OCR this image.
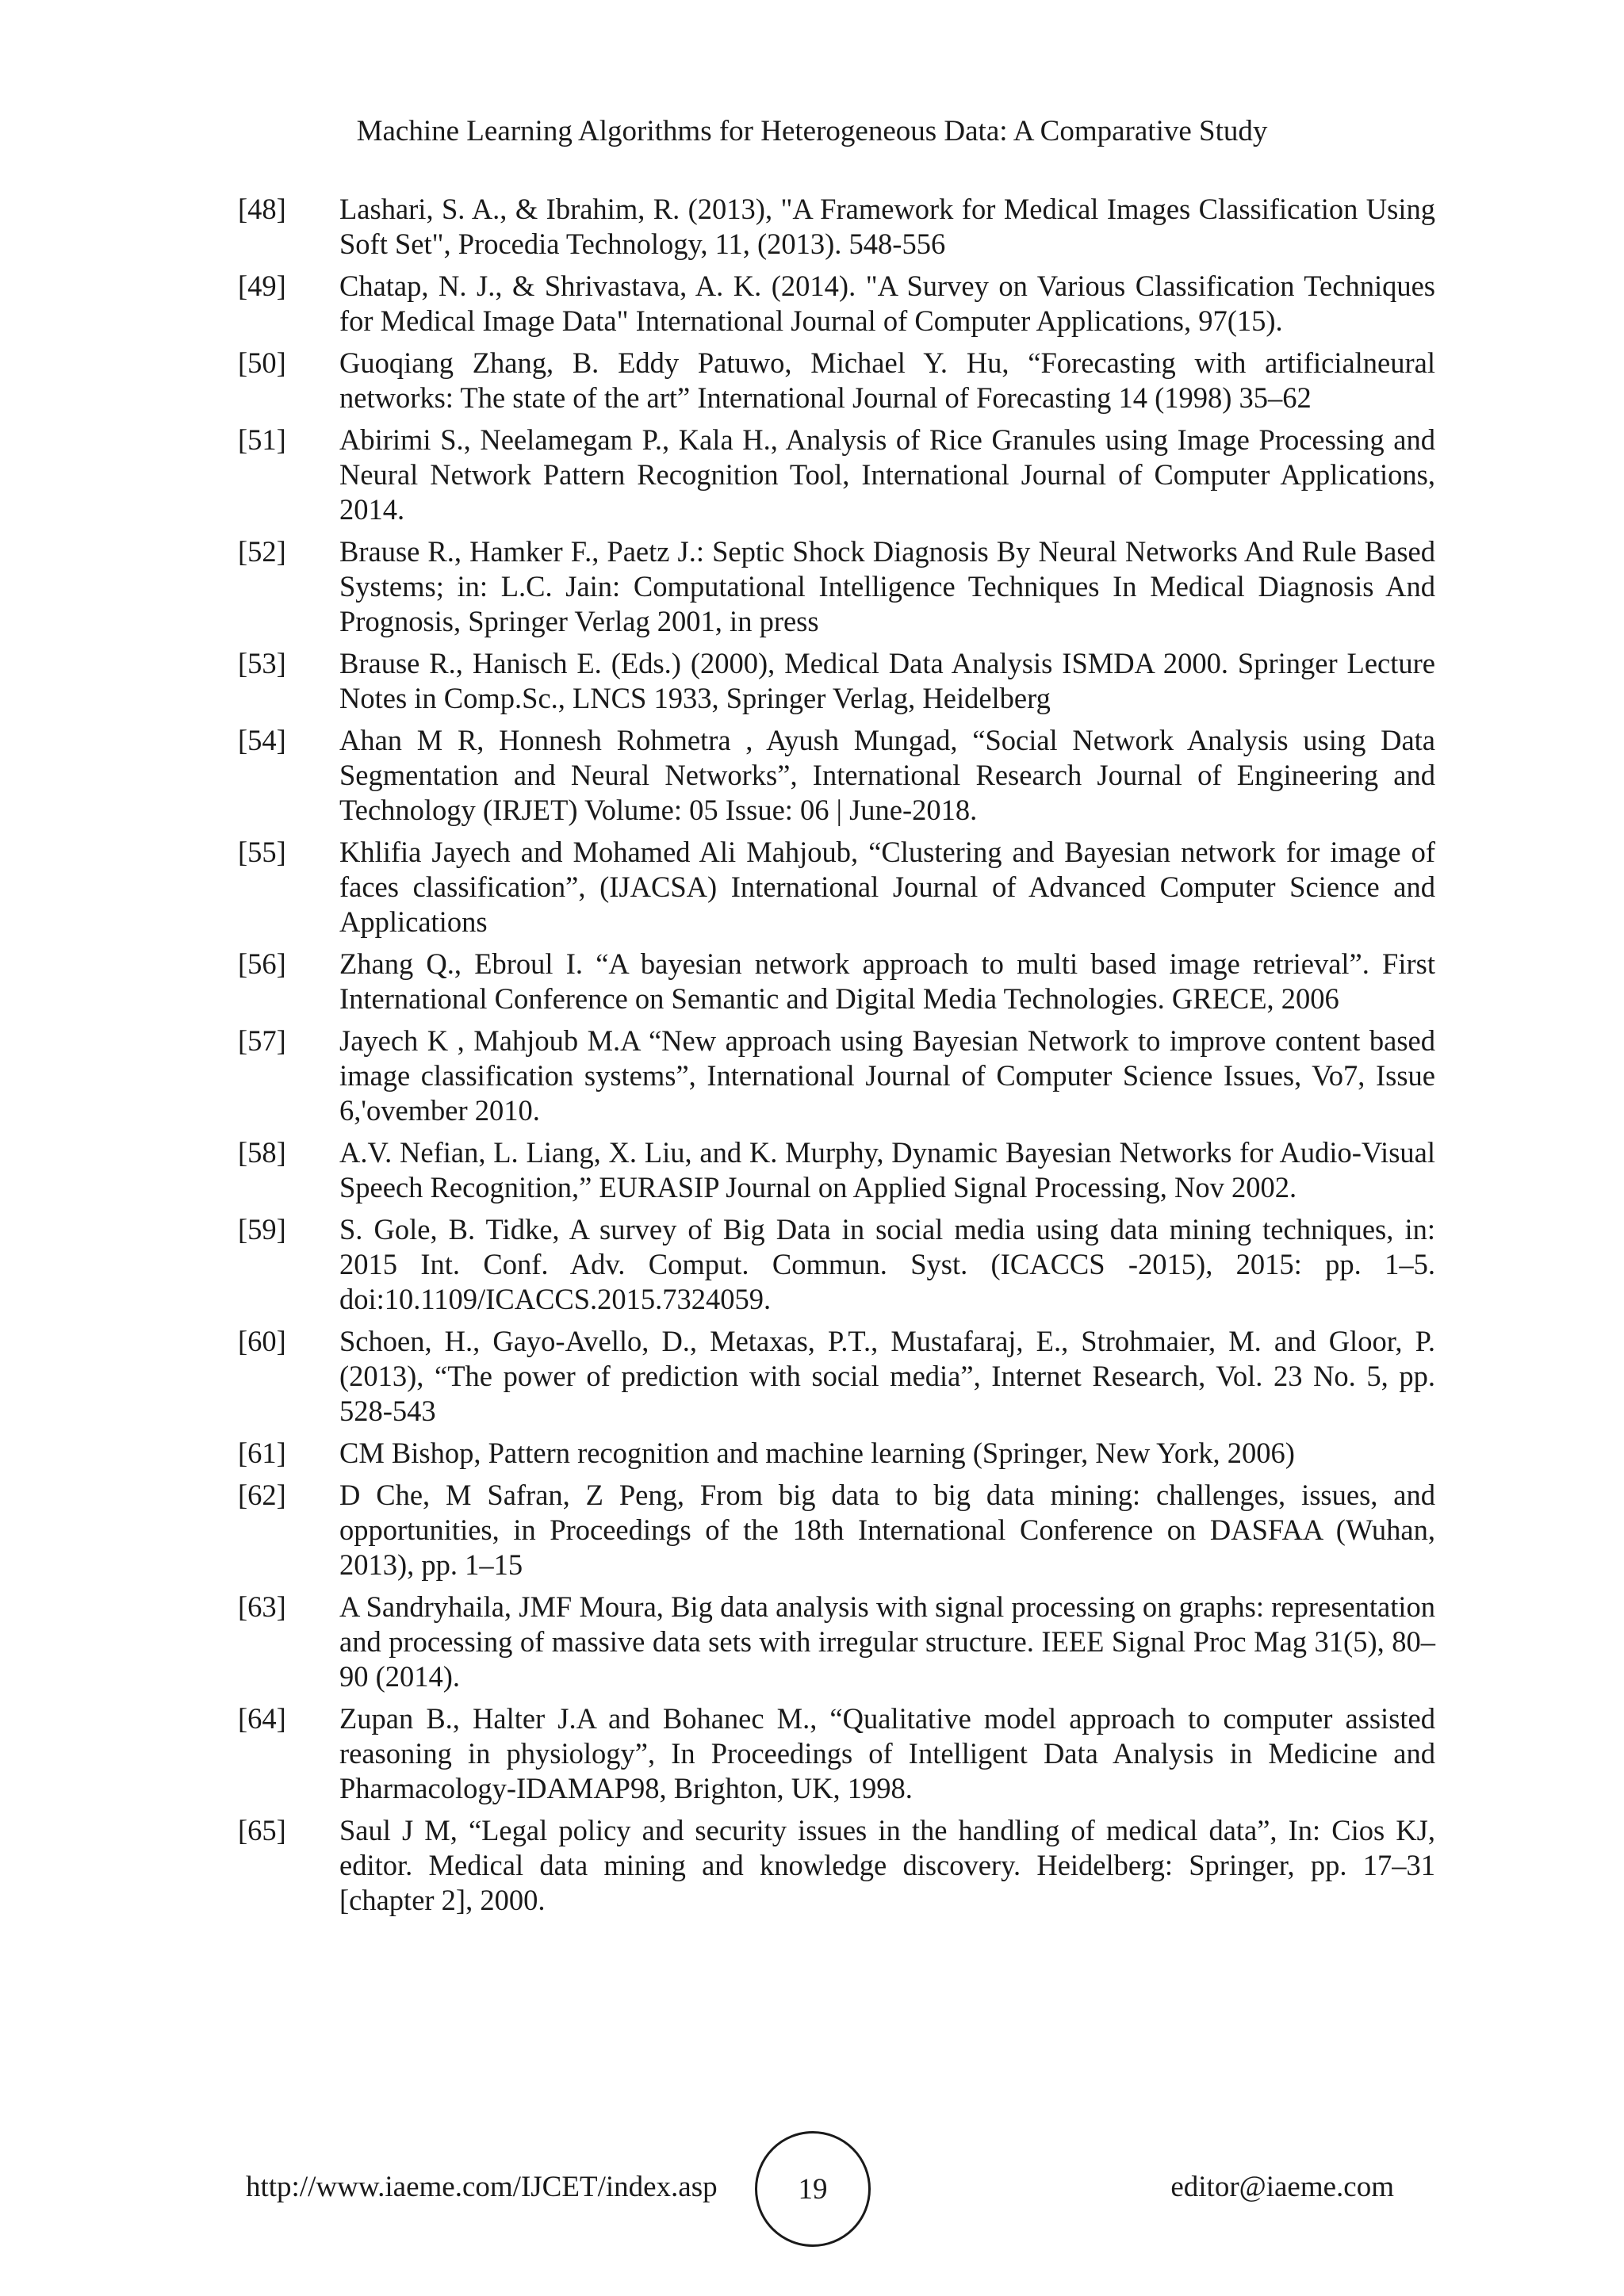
Machine Learning Algorithms for Heterogeneous Data: A Comparative Study
[48] Lashari, S. A., & Ibrahim, R. (2013), "A Framework for Medical Images Classification Using Soft Set", Procedia Technology, 11, (2013). 548-556
[49] Chatap, N. J., & Shrivastava, A. K. (2014). "A Survey on Various Classification Techniques for Medical Image Data" International Journal of Computer Applications, 97(15).
[50] Guoqiang Zhang, B. Eddy Patuwo, Michael Y. Hu, “Forecasting with artificialneural networks: The state of the art” International Journal of Forecasting 14 (1998) 35–62
[51] Abirimi S., Neelamegam P., Kala H., Analysis of Rice Granules using Image Processing and Neural Network Pattern Recognition Tool, International Journal of Computer Applications, 2014.
[52] Brause R., Hamker F., Paetz J.: Septic Shock Diagnosis By Neural Networks And Rule Based Systems; in: L.C. Jain: Computational Intelligence Techniques In Medical Diagnosis And Prognosis, Springer Verlag 2001, in press
[53] Brause R., Hanisch E. (Eds.) (2000), Medical Data Analysis ISMDA 2000. Springer Lecture Notes in Comp.Sc., LNCS 1933, Springer Verlag, Heidelberg
[54] Ahan M R, Honnesh Rohmetra , Ayush Mungad, “Social Network Analysis using Data Segmentation and Neural Networks”, International Research Journal of Engineering and Technology (IRJET) Volume: 05 Issue: 06 | June-2018.
[55] Khlifia Jayech and Mohamed Ali Mahjoub, “Clustering and Bayesian network for image of faces classification”, (IJACSA) International Journal of Advanced Computer Science and Applications
[56] Zhang Q., Ebroul I. “A bayesian network approach to multi based image retrieval”. First International Conference on Semantic and Digital Media Technologies. GRECE, 2006
[57] Jayech K , Mahjoub M.A “New approach using Bayesian Network to improve content based image classification systems”, International Journal of Computer Science Issues, Vo7, Issue 6,'ovember 2010.
[58] A.V. Nefian, L. Liang, X. Liu, and K. Murphy, Dynamic Bayesian Networks for Audio-Visual Speech Recognition,” EURASIP Journal on Applied Signal Processing, Nov 2002.
[59] S. Gole, B. Tidke, A survey of Big Data in social media using data mining techniques, in: 2015 Int. Conf. Adv. Comput. Commun. Syst. (ICACCS -2015), 2015: pp. 1–5. doi:10.1109/ICACCS.2015.7324059.
[60] Schoen, H., Gayo-Avello, D., Metaxas, P.T., Mustafaraj, E., Strohmaier, M. and Gloor, P. (2013), “The power of prediction with social media”, Internet Research, Vol. 23 No. 5, pp. 528-543
[61] CM Bishop, Pattern recognition and machine learning (Springer, New York, 2006)
[62] D Che, M Safran, Z Peng, From big data to big data mining: challenges, issues, and opportunities, in Proceedings of the 18th International Conference on DASFAA (Wuhan, 2013), pp. 1–15
[63] A Sandryhaila, JMF Moura, Big data analysis with signal processing on graphs: representation and processing of massive data sets with irregular structure. IEEE Signal Proc Mag 31(5), 80–90 (2014).
[64] Zupan B., Halter J.A and Bohanec M., “Qualitative model approach to computer assisted reasoning in physiology”, In Proceedings of Intelligent Data Analysis in Medicine and Pharmacology-IDAMAP98, Brighton, UK, 1998.
[65] Saul J M, “Legal policy and security issues in the handling of medical data”, In: Cios KJ, editor. Medical data mining and knowledge discovery. Heidelberg: Springer, pp. 17–31 [chapter 2], 2000.
http://www.iaeme.com/IJCET/index.asp	19	editor@iaeme.com
